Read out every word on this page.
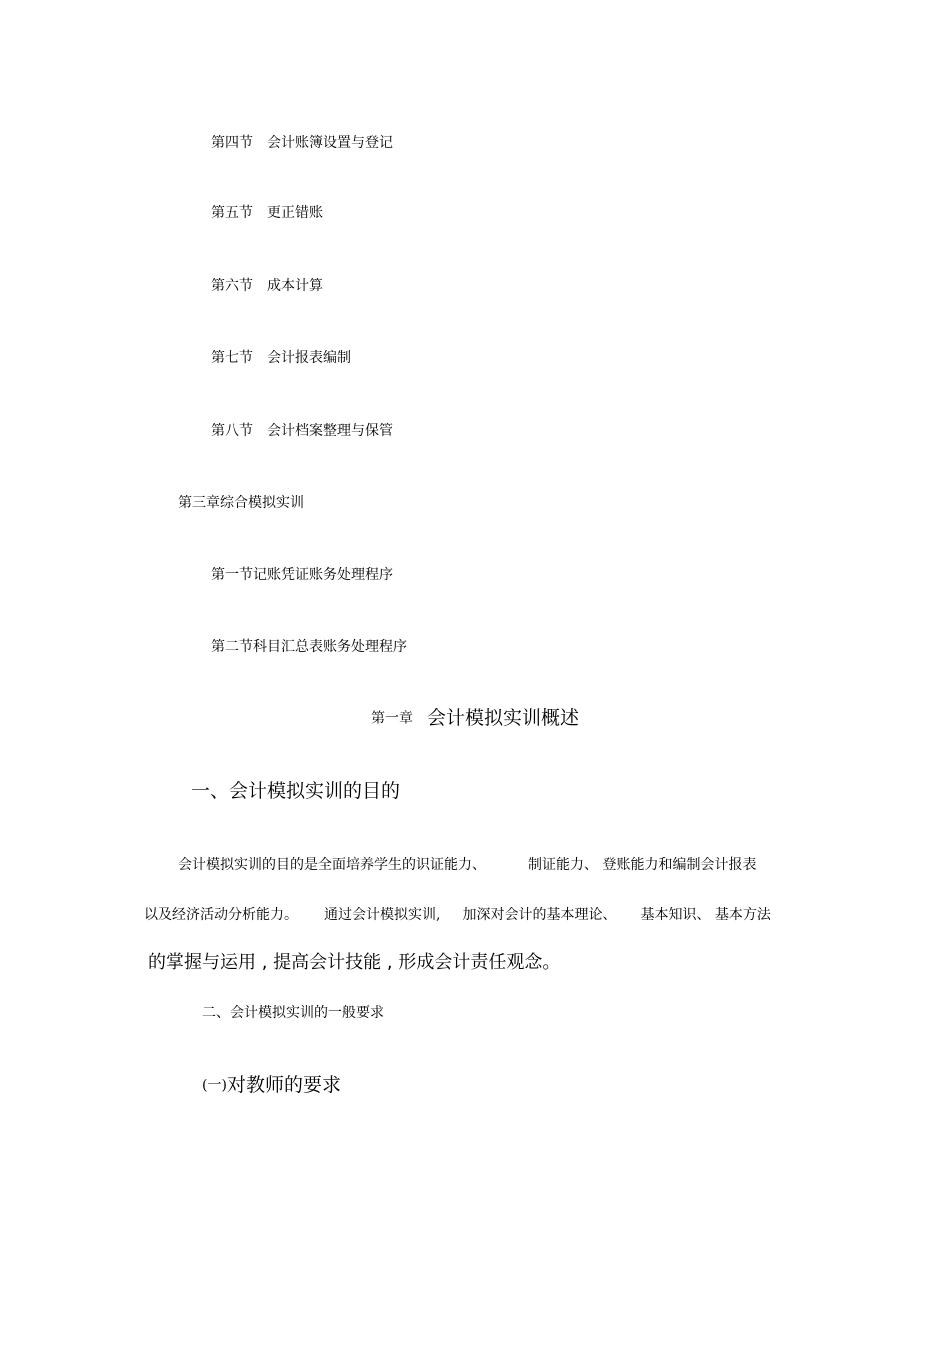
第四节 会计账簿设置与登记
第五节 更正错账
第六节 成本计算
第七节 会计报表编制
第八节 会计档案整理与保管
第三章综合模拟实训
第一节记账凭证账务处理程序
第二节科目汇总表账务处理程序
第一章 会计模拟实训概述
一、会计模拟实训的目的
会计模拟实训的目的是全面培养学生的识证能力、	制证能力、 登账能力和编制会计报表
以及经济活动分析能力。 通过会计模拟实训, 加深对会计的基本理论、 基本知识、 基本方法
的掌握与运用 , 提高会计技能 , 形成会计责任观念。
二、会计模拟实训的一般要求
(一)对教师的要求
